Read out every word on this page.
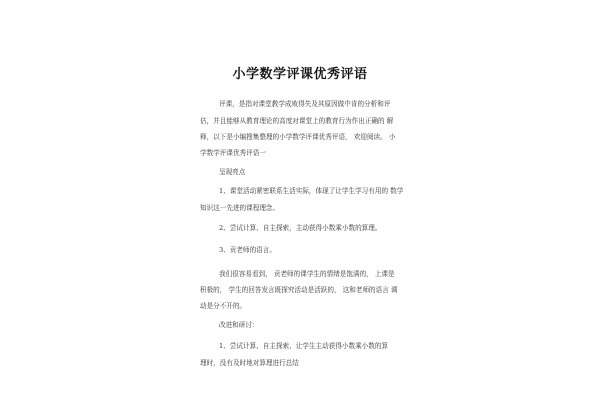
小学数学评课优秀评语
评课，是指对课堂教学成败得失及其原因做中肯的分析和评
估，并且能够从教育理论的高度对课堂上的教育行为作出正确的 解
释，以下是小编搜集整理的小学数学评课优秀评语， 欢迎阅读。 小
学数学评课优秀评语一
呈现亮点
1、课堂活动紧密联系生活实际，体现了让学生学习有用的 数学
知识这一先进的课程理念。
2、尝试计算、自主探索，主动获得小数乘小数的算理。
3、贡老师的语言。
我们很容易看到， 贡老师的课学生的情绪是饱满的， 上课是
积极的， 学生的回答发言既探究活动是活跃的， 这和老师的语言 调
动是分不开的。
改进和研讨：
1、尝试计算、自主探索、让学生主动获得小数乘小数的算
理时，没有及时地对算理进行总结
